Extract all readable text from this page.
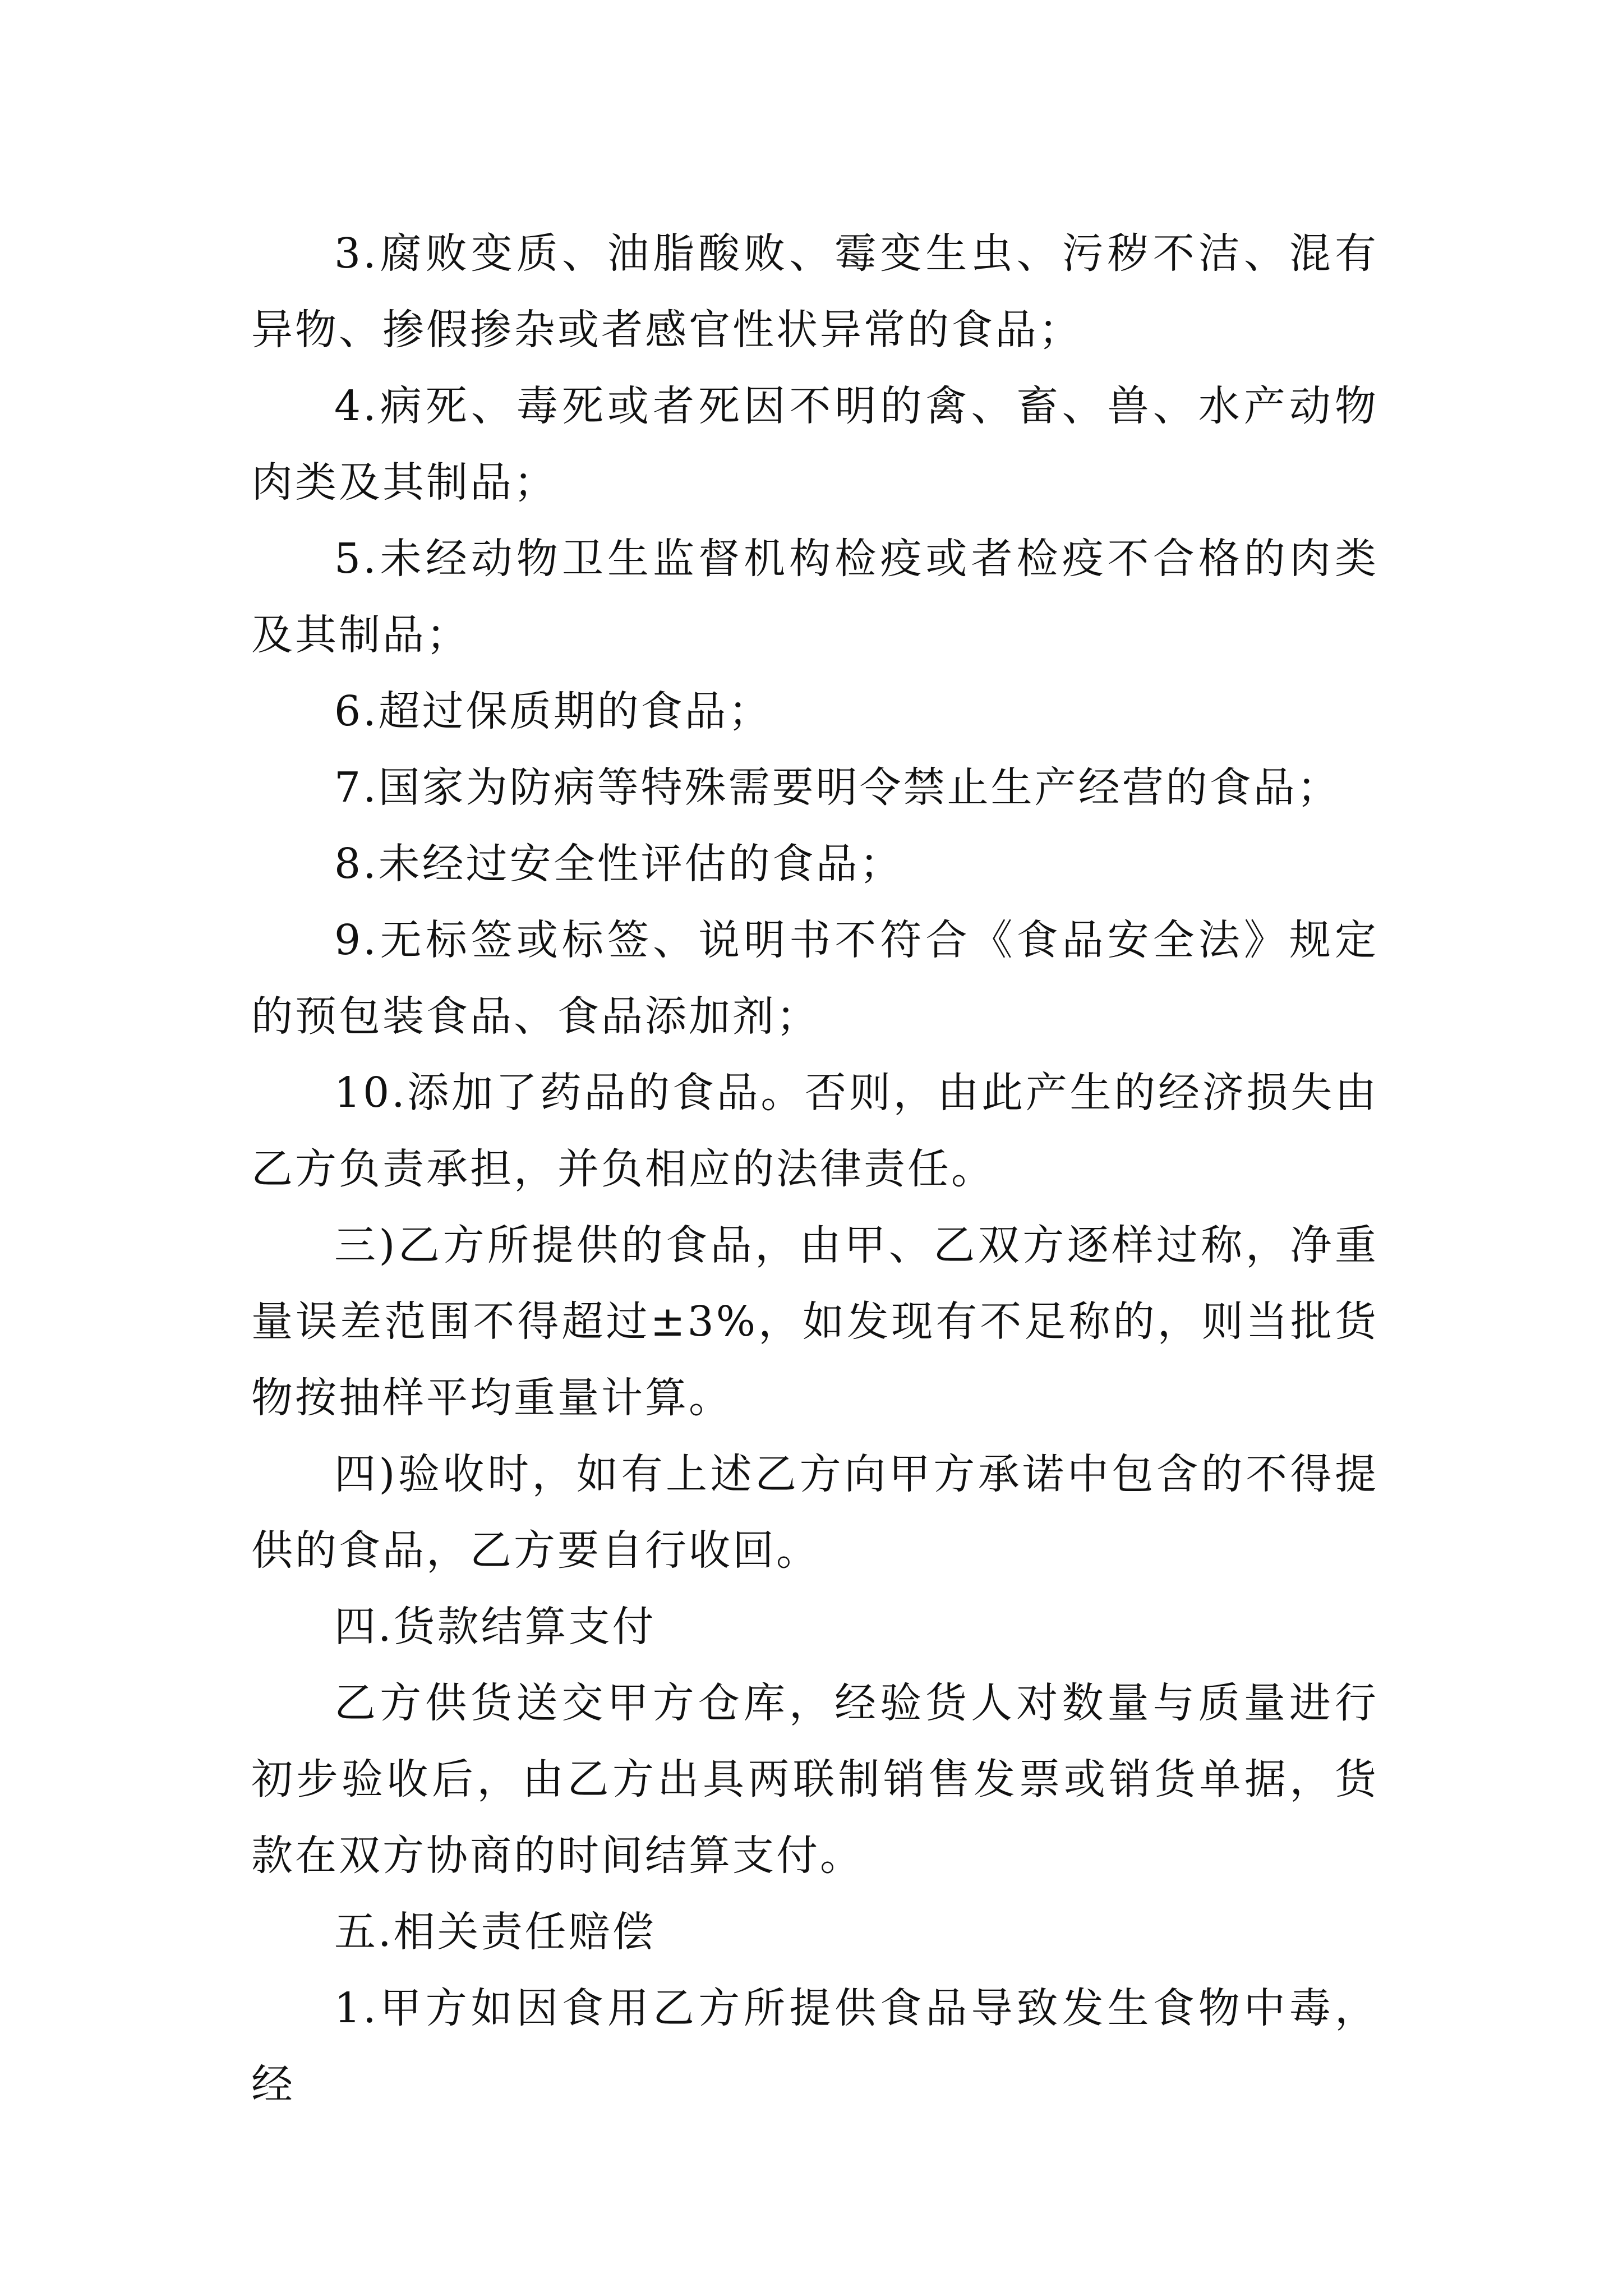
3.腐败变质、油脂酸败、霉变生虫、污秽不洁、混有异物、掺假掺杂或者感官性状异常的食品；

4.病死、毒死或者死因不明的禽、畜、兽、水产动物肉类及其制品；

5.未经动物卫生监督机构检疫或者检疫不合格的肉类及其制品；

6.超过保质期的食品；

7.国家为防病等特殊需要明令禁止生产经营的食品；

8.未经过安全性评估的食品；

9.无标签或标签、说明书不符合《食品安全法》规定的预包装食品、食品添加剂；

10.添加了药品的食品。否则，由此产生的经济损失由乙方负责承担，并负相应的法律责任。

三)乙方所提供的食品，由甲、乙双方逐样过称，净重量误差范围不得超过±3%，如发现有不足称的，则当批货物按抽样平均重量计算。

四)验收时，如有上述乙方向甲方承诺中包含的不得提供的食品，乙方要自行收回。

四.货款结算支付

乙方供货送交甲方仓库，经验货人对数量与质量进行初步验收后，由乙方出具两联制销售发票或销货单据，货款在双方协商的时间结算支付。

五.相关责任赔偿

1.甲方如因食用乙方所提供食品导致发生食物中毒，经
